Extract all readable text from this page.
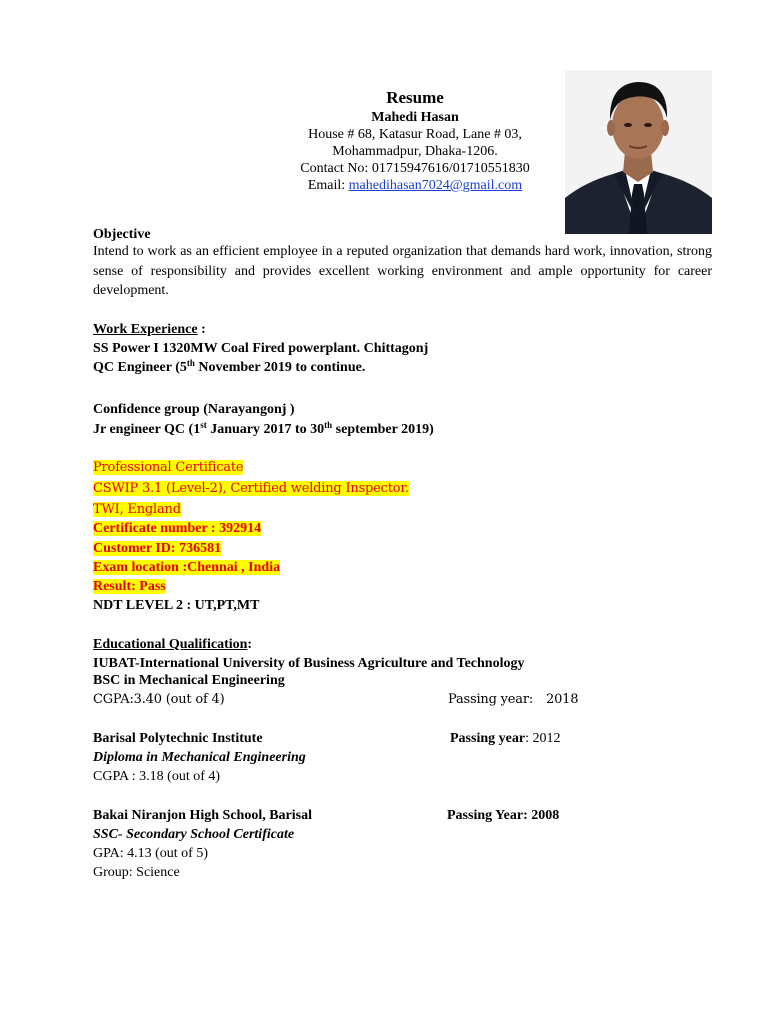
Resume
Mahedi Hasan
House # 68, Katasur Road, Lane # 03,
Mohammadpur, Dhaka-1206.
Contact No: 01715947616/01710551830
Email: mahedihasan7024@gmail.com
Objective
Intend to work as an efficient employee in a reputed organization that demands hard work, innovation, strong sense of responsibility and provides excellent working environment and ample opportunity for career development.
Work Experience :
SS Power I 1320MW Coal Fired powerplant. Chittagonj
QC Engineer (5th November 2019 to continue.
Confidence group (Narayangonj )
Jr engineer QC (1st January 2017 to 30th september 2019)
Professional Certificate
CSWIP 3.1 (Level-2), Certified welding Inspector.
TWI, England
Certificate number : 392914
Customer ID: 736581
Exam location :Chennai , India
Result: Pass
NDT LEVEL 2 : UT,PT,MT
Educational Qualification:
IUBAT-International University of Business Agriculture and Technology
BSC in Mechanical Engineering
CGPA:3.40 (out of 4)	Passing year: 2018
Barisal Polytechnic Institute	Passing year: 2012
Diploma in Mechanical Engineering
CGPA : 3.18 (out of 4)
Bakai Niranjon High School, Barisal	Passing Year: 2008
SSC- Secondary School Certificate
GPA: 4.13 (out of 5)
Group: Science
